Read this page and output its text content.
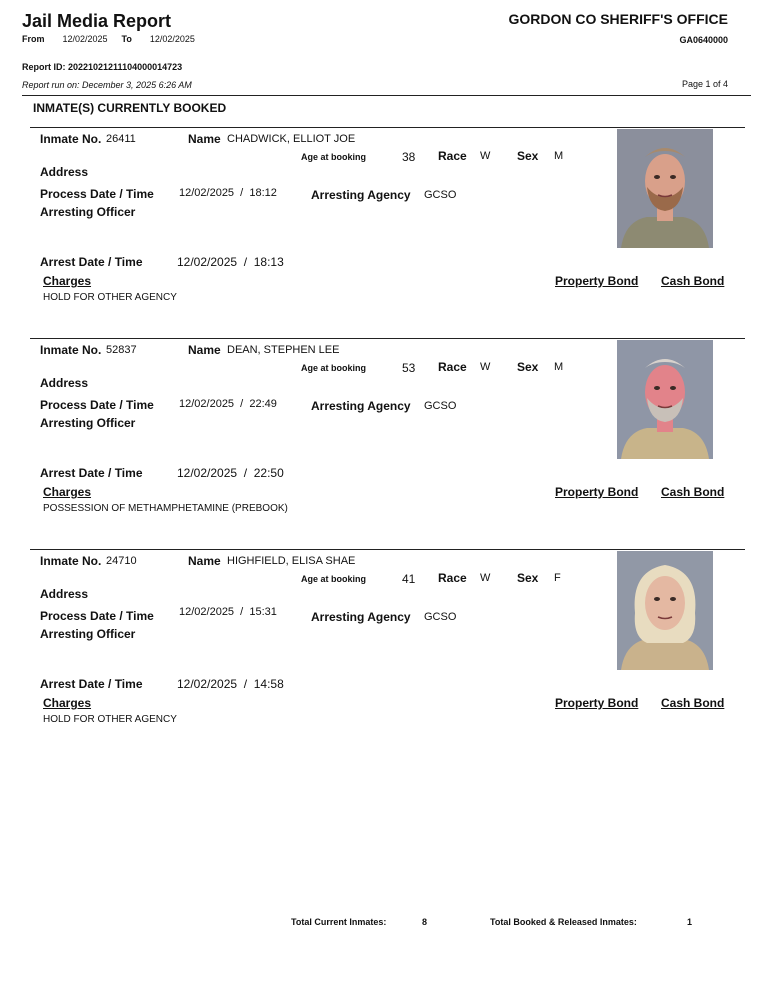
Jail Media Report
From 12/02/2025 To 12/02/2025
GORDON CO SHERIFF'S OFFICE
GA0640000
Report ID: 20221021211104000014723
Report run on: December 3, 2025 6:26 AM	Page 1 of 4
INMATE(S) CURRENTLY BOOKED
Inmate No. 26411	Name CHADWICK, ELLIOT JOE
Age at booking	38 Race W Sex M
Address
Process Date / Time 12/02/2025  /  18:12	Arresting Agency GCSO
Arresting Officer
Arrest Date / Time	12/02/2025  /  18:13
Charges	Property Bond Cash Bond
HOLD FOR OTHER AGENCY
Inmate No. 52837	Name DEAN, STEPHEN LEE
Age at booking	53 Race W Sex M
Address
Process Date / Time 12/02/2025  /  22:49	Arresting Agency GCSO
Arresting Officer
Arrest Date / Time	12/02/2025  /  22:50
Charges	Property Bond Cash Bond
POSSESSION OF METHAMPHETAMINE (PREBOOK)
Inmate No. 24710	Name HIGHFIELD, ELISA SHAE
Age at booking	41 Race W Sex F
Address
Process Date / Time 12/02/2025  /  15:31	Arresting Agency GCSO
Arresting Officer
Arrest Date / Time	12/02/2025  /  14:58
Charges	Property Bond Cash Bond
HOLD FOR OTHER AGENCY
Total Current Inmates:	8	Total Booked & Released Inmates:	1
